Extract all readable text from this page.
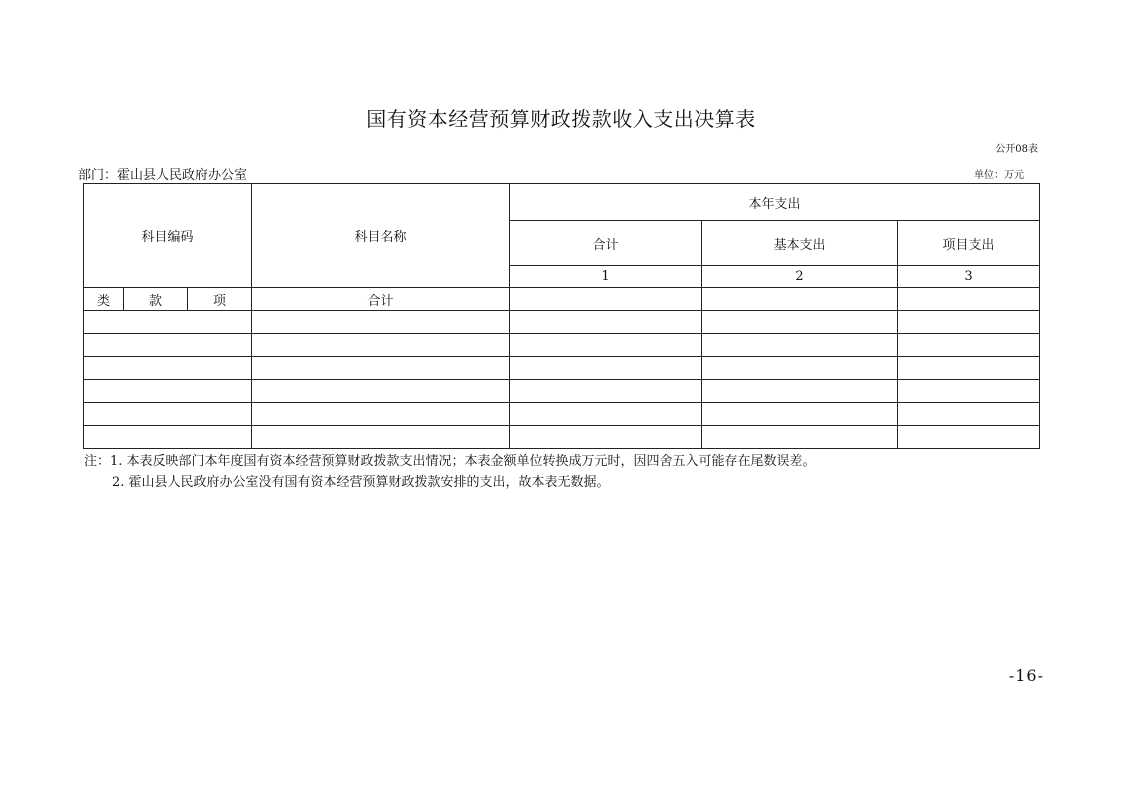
国有资本经营预算财政拨款收入支出决算表
公开08表
部门：霍山县人民政府办公室	单位：万元
科目编码			科目名称	本年支出		
				合计	基本支出	项目支出
				1	2	3
类	款	项	合计			

注：1. 本表反映部门本年度国有资本经营预算财政拨款支出情况；本表金额单位转换成万元时，因四舍五入可能存在尾数误差。
2. 霍山县人民政府办公室没有国有资本经营预算财政拨款安排的支出，故本表无数据。
-16-
